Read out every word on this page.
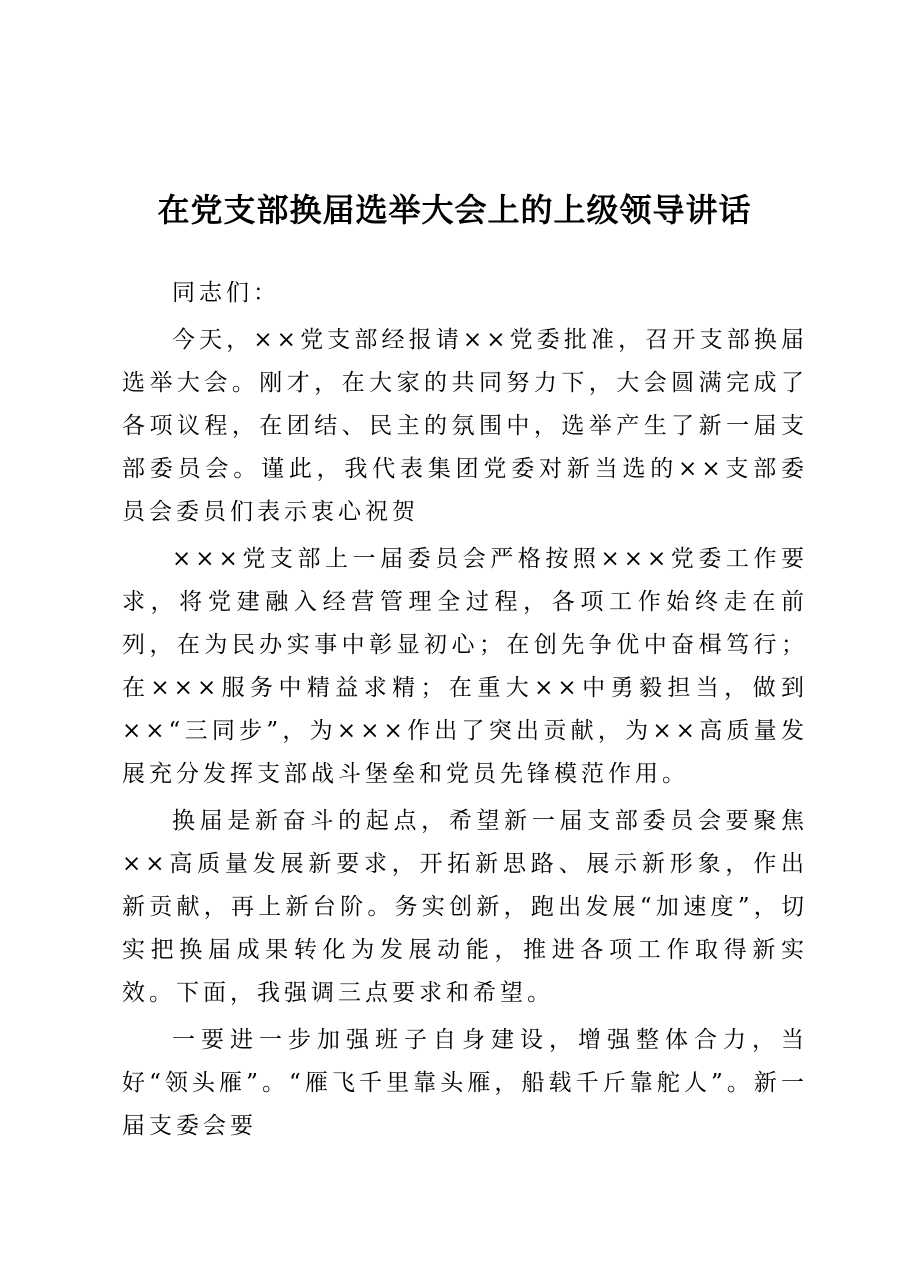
在党支部换届选举大会上的上级领导讲话

同志们：

今天，××党支部经报请××党委批准，召开支部换届选举大会。刚才，在大家的共同努力下，大会圆满完成了各项议程，在团结、民主的氛围中，选举产生了新一届支部委员会。谨此，我代表集团党委对新当选的××支部委员会委员们表示衷心祝贺

×××党支部上一届委员会严格按照×××党委工作要求，将党建融入经营管理全过程，各项工作始终走在前列，在为民办实事中彰显初心；在创先争优中奋楫笃行；在×××服务中精益求精；在重大××中勇毅担当，做到××“三同步”，为×××作出了突出贡献，为××高质量发展充分发挥支部战斗堡垒和党员先锋模范作用。

换届是新奋斗的起点，希望新一届支部委员会要聚焦××高质量发展新要求，开拓新思路、展示新形象，作出新贡献，再上新台阶。务实创新，跑出发展“加速度”，切实把换届成果转化为发展动能，推进各项工作取得新实效。下面，我强调三点要求和希望。

一要进一步加强班子自身建设，增强整体合力，当好“领头雁”。“雁飞千里靠头雁，船载千斤靠舵人”。新一届支委会要
